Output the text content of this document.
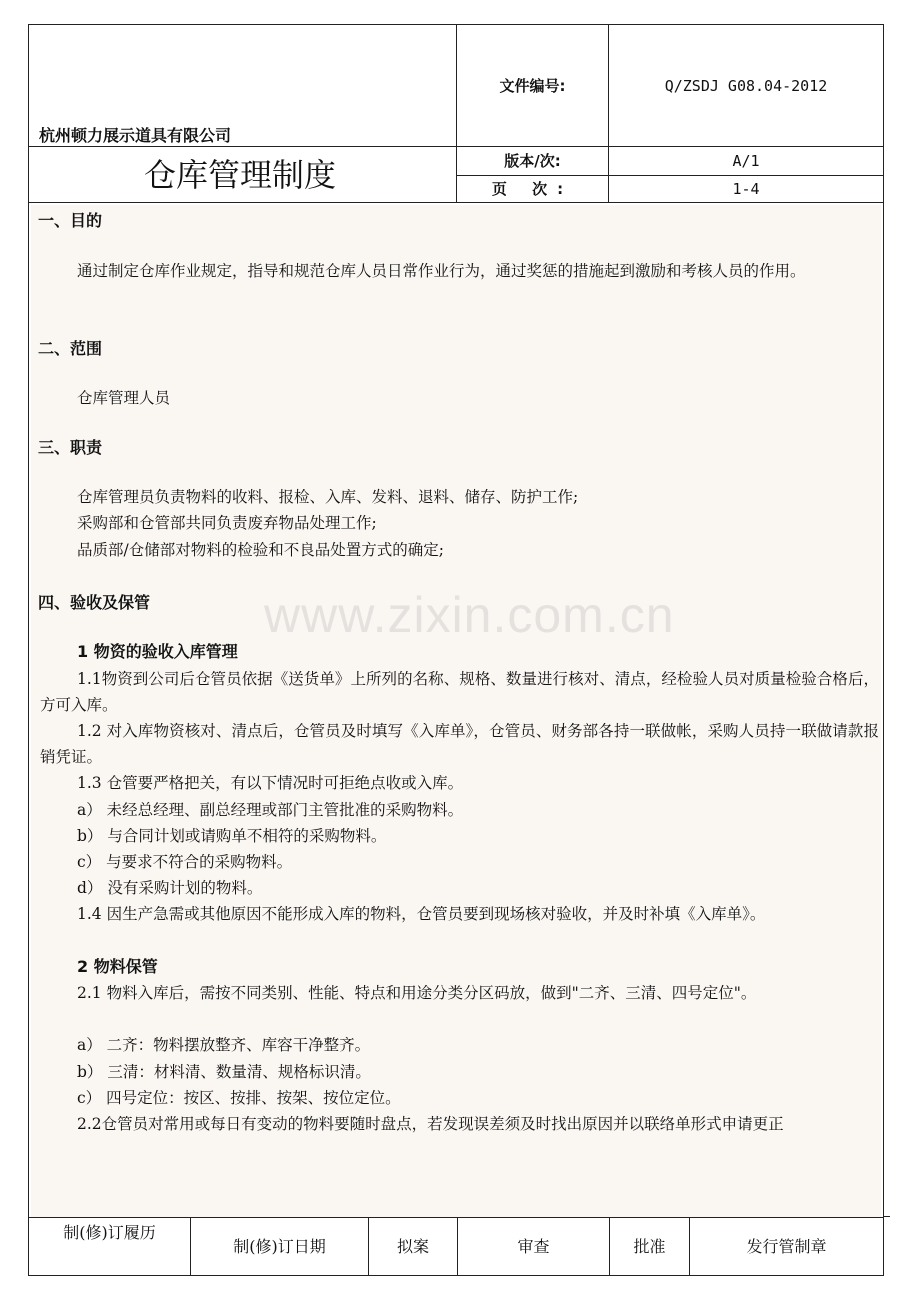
杭州顿力展示道具有限公司
仓库管理制度
文件编号:	Q/ZSDJ G08.04-2012
版本/次:	A/1
页 次:	1-4
一、目的
通过制定仓库作业规定，指导和规范仓库人员日常作业行为，通过奖惩的措施起到激励和考核人员的作用。
二、范围
仓库管理人员
三、职责
仓库管理员负责物料的收料、报检、入库、发料、退料、储存、防护工作;
采购部和仓管部共同负责废弃物品处理工作;
品质部/仓储部对物料的检验和不良品处置方式的确定;
四、验收及保管
1 物资的验收入库管理
1.1物资到公司后仓管员依据《送货单》上所列的名称、规格、数量进行核对、清点，经检验人员对质量检验合格后，方可入库。
1.2 对入库物资核对、清点后，仓管员及时填写《入库单》，仓管员、财务部各持一联做帐，采购人员持一联做请款报销凭证。
1.3 仓管要严格把关，有以下情况时可拒绝点收或入库。
a） 未经总经理、副总经理或部门主管批准的采购物料。
b） 与合同计划或请购单不相符的采购物料。
c） 与要求不符合的采购物料。
d） 没有采购计划的物料。
1.4 因生产急需或其他原因不能形成入库的物料，仓管员要到现场核对验收，并及时补填《入库单》。
2 物料保管
2.1 物料入库后，需按不同类别、性能、特点和用途分类分区码放，做到"二齐、三清、四号定位"。
a） 二齐：物料摆放整齐、库容干净整齐。
b） 三清：材料清、数量清、规格标识清。
c） 四号定位：按区、按排、按架、按位定位。
2.2仓管员对常用或每日有变动的物料要随时盘点，若发现误差须及时找出原因并以联络单形式申请更正
制(修)订履历
制(修)订日期	拟案	审查	批准	发行管制章
www.zixin.com.cn
